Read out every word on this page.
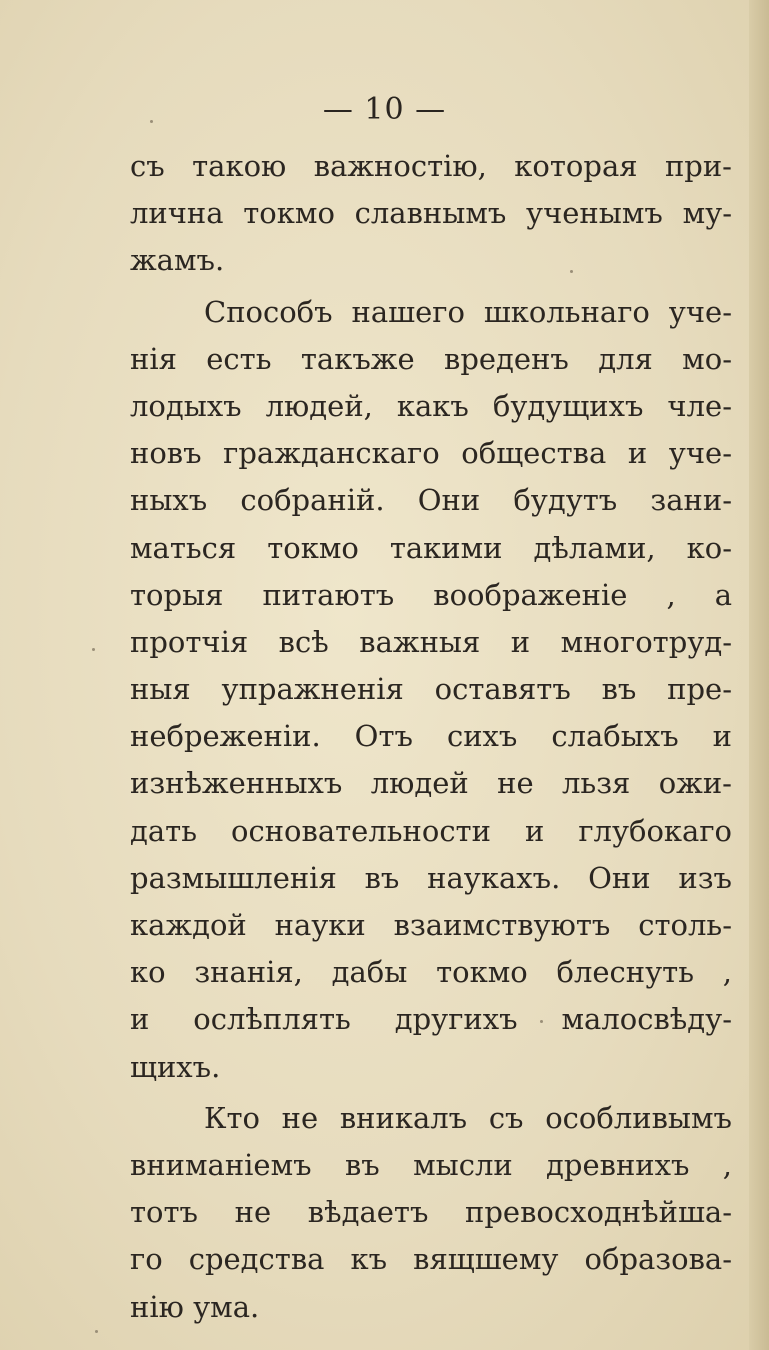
— 10 —
съ такою важностію, которая при-
лична токмо славнымъ ученымъ му-
жамъ.
Способъ нашего школьнаго уче-
нія есть такъже вреденъ для мо-
лодыхъ людей, какъ будущихъ чле-
новъ гражданскаго общества и уче-
ныхъ собраній. Они будутъ зани-
маться токмо такими дѣлами, ко-
торыя питаютъ воображеніе , а
протчія всѣ важныя и многотруд-
ныя упражненія оставятъ въ пре-
небреженіи. Отъ сихъ слабыхъ и
изнѣженныхъ людей не льзя ожи-
дать основательности и глубокаго
размышленія въ наукахъ. Они изъ
каждой науки взаимствуютъ столь-
ко знанія, дабы токмо блеснуть ,
и ослѣплять другихъ малосвѣду-
щихъ.
Кто не вникалъ съ особливымъ
вниманіемъ въ мысли древнихъ ,
тотъ не вѣдаетъ превосходнѣйша-
го средства къ вящшему образова-
нію ума.
